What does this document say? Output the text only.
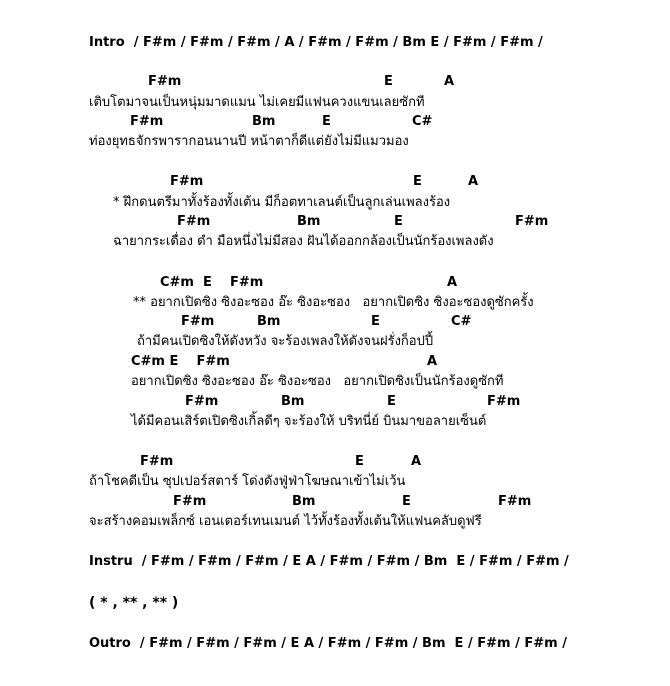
Intro  / F#m / F#m / F#m / A / F#m / F#m / Bm E / F#m / F#m /
F#m	E	A
เติบโตมาจนเป็นหนุ่มมาดแมน ไม่เคยมีแฟนควงแขนเลยซักที
F#m	Bm	E	C#
ท่องยุทธจักรพารากอนนานปี หน้าตาก็ดีแต่ยังไม่มีแมวมอง
F#m	E	A
* ฝึกดนตรีมาทั้งร้องทั้งเต้น มีก็อตทาเลนต์เป็นลูกเล่นเพลงร้อง
F#m	Bm	E	F#m
ฉายากระเดื่อง ดำ มือหนึ่งไม่มีสอง ฝันได้ออกกล้องเป็นนักร้องเพลงดัง
C#m  E    F#m	A
** อยากเปิดซิง ซิงอะซอง อ๊ะ ซิงอะซอง   อยากเปิดซิง ซิงอะซองดูซักครั้ง
F#m	Bm	E	C#
ถ้ามีคนเปิดซิงให้ดังหวัง จะร้องเพลงให้ดังจนฝรั่งก็อปปี้
C#m E    F#m	A
อยากเปิดซิง ซิงอะซอง อ๊ะ ซิงอะซอง   อยากเปิดซิงเป็นนักร้องดูซักที
F#m	Bm	E	F#m
ได้มีคอนเสิร์ตเปิดซิงเกิ้ลดีๆ จะร้องให้ บริทนี่ย์ บินมาขอลายเซ็นต์
F#m	E	A
ถ้าโชคดีเป็น ซุปเปอร์สตาร์ โด่งดังฟู่ฟ่าโฆษณาเข้าไม่เว้น
F#m	Bm	E	F#m
จะสร้างคอมเพล็กซ์ เอนเตอร์เทนเมนต์ ไว้ทั้งร้องทั้งเต้นให้แฟนคลับดูฟรี
Instru  / F#m / F#m / F#m / E A / F#m / F#m / Bm  E / F#m / F#m /
( * , ** , ** )
Outro  / F#m / F#m / F#m / E A / F#m / F#m / Bm  E / F#m / F#m /
